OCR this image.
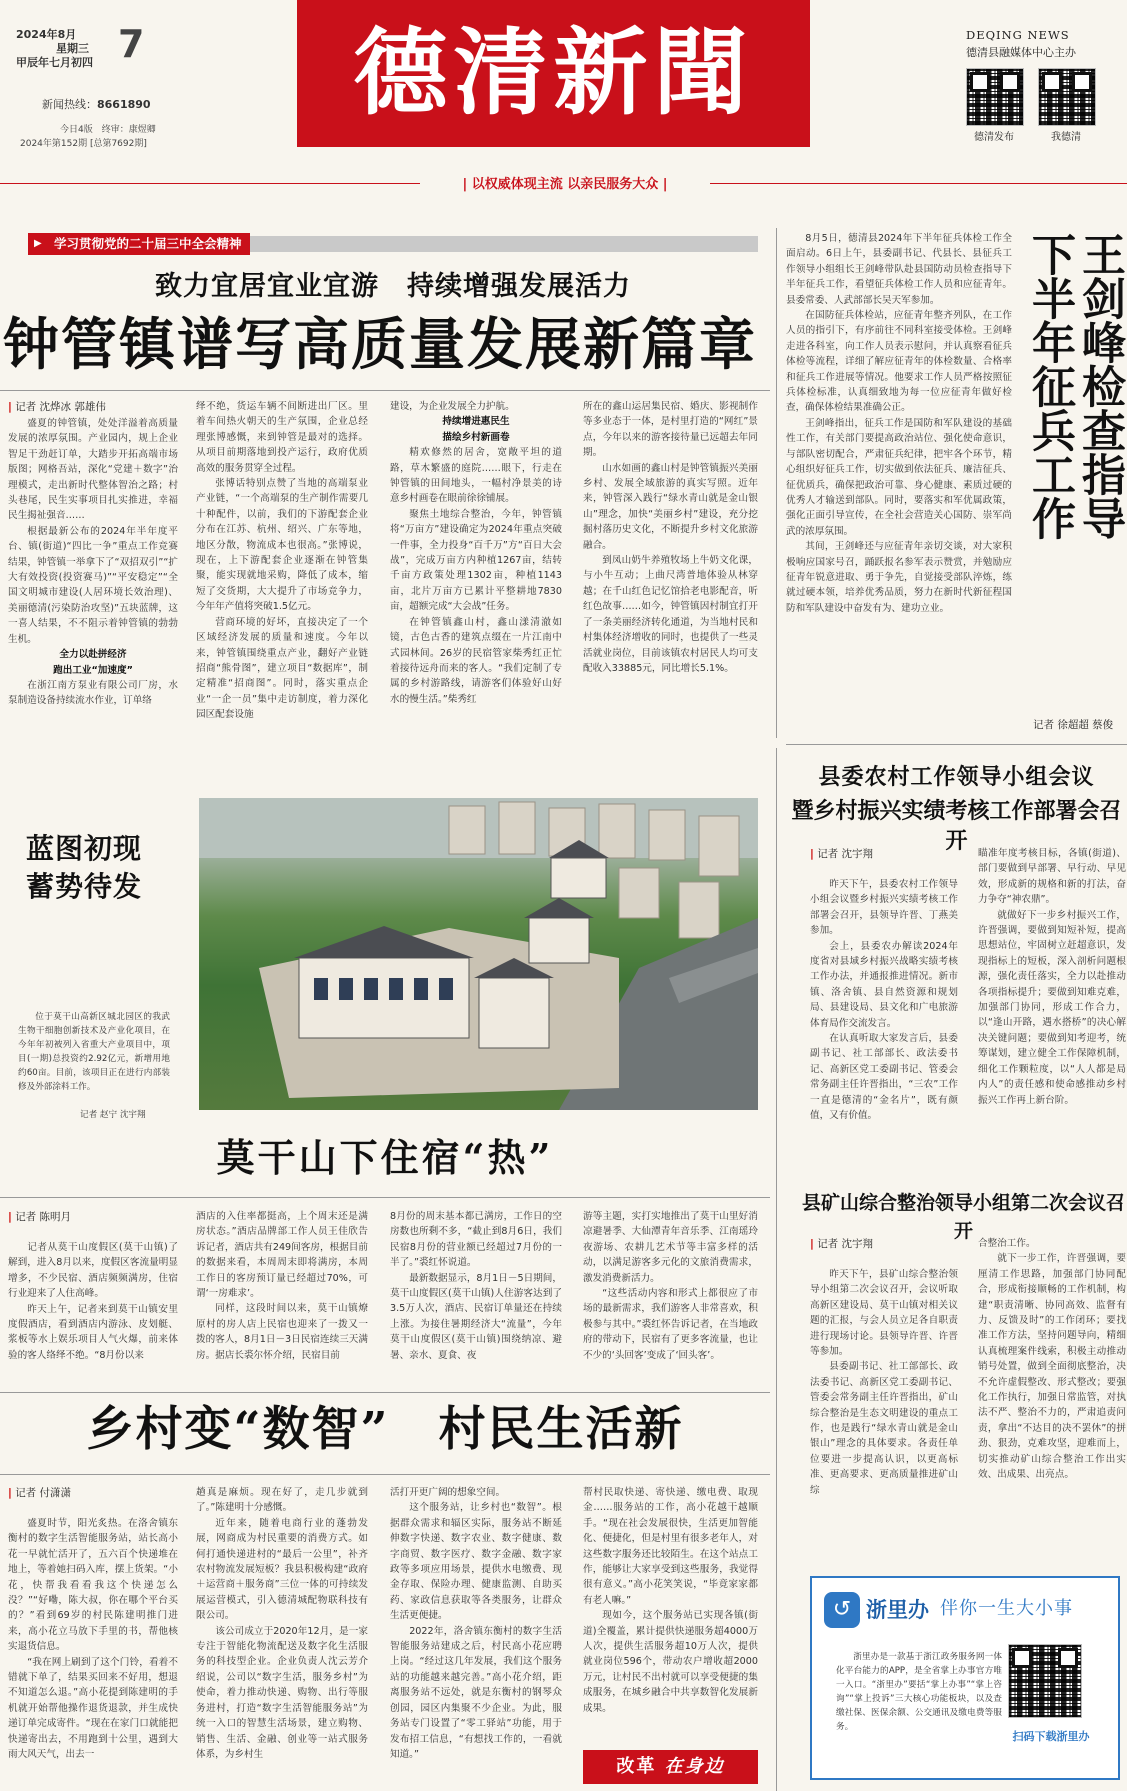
2024年8月
星期三
甲辰年七月初四 7
新闻热线：8661890
今日4版　终审：康煜卿
2024年第152期 [总第7692期]
德清新聞	DEQING NEWS
德清县融媒体中心主办
德清发布	我德清
| 以权威体现主流 以亲民服务大众 |
▶ 学习贯彻党的二十届三中全会精神
致力宜居宜业宜游　持续增强发展活力
钟管镇谱写高质量发展新篇章
| 记者 沈烨冰 郭雄伟

盛夏的钟管镇，处处洋溢着高质量发展的浓厚氛围。产业园内，规上企业智足干劲赶订单，大踏步开拓高端市场版图；网格吾站，深化“党建＋数字”治理模式，走出新时代整体智治之路；村头巷尾，民生实事项目扎实推进，幸福民生揭祉强音……

根据最新公布的2024年半年度平台、镇(街道)“四比一争”重点工作竞赛结果，钟管镇一举拿下了“双招双引”“扩大有效投资(投资赛马)”“平安稳定”“全国文明城市建设(人居环境长效治理)、美丽德清(污染防治攻坚)”五块蓝牌，这一喜人结果，不不阻示着钟管镇的勃勃生机。

全力以赴拼经济

跑出工业“加速度”

在浙江南方泵业有限公司厂房，水泵制造设备持续流水作业，订单络

绎不绝，货运车辆不间断进出厂区。里着车间热火朝天的生产氛围，企业总经理张博感慨，来到钟管是最对的选择。从项目前期落地到投产运行，政府优质高效的服务贯穿全过程。

张博话特别点赞了当地的高端泵业产业链，“一个高端泵的生产制作需要几十种配件，以前，我们的下游配套企业分布在江苏、杭州、绍兴、广东等地，地区分散，物流成本也很高。”张博说，现在，上下游配套企业逐渐在钟管集聚，能实现就地采购，降低了成本，缩短了交货期，大大提升了市场竞争力，今年年产值将突破1.5亿元。

营商环境的好坏，直接决定了一个区域经济发展的质量和速度。今年以来，钟管镇围绕重点产业，翻好产业链招商“熊骨图”，建立项目“数据库”，制定精准“招商图”。同时，落实重点企业“一企一员”集中走访制度，着力深化园区配套设施

建设，为企业发展全力护航。

持续增进惠民生

描绘乡村新画卷

精欢修然的居舍，宽敞平坦的道路，草木繁盛的庭院……眼下，行走在钟管镇的田间地头，一幅村净景美的诗意乡村画卷在眼前徐徐铺展。

聚焦土地综合整治，今年，钟管镇将“万亩方”建设确定为2024年重点突破一件事，全力投身“百千万”方“百日大会战”，完成万亩方内种植1267亩，结转千亩方政策处理1302亩，种植1143亩，北片万亩方已累计平整耕地7830亩，超额完成“大会战”任务。

在钟管镇鑫山村，鑫山漾清澈如镜，古色古香的建筑点缀在一片江南中式园林间。26岁的民宿管家柴秀红正忙着接待远舟而来的客人。“我们定制了专属的乡村游路线，请游客们体验好山好水的慢生活。”柴秀红

所在的鑫山运居集民宿、婚庆、影视制作等多业态于一体，是村里打造的“网红”景点，今年以来的游客接待量已远超去年同期。

山水如画的鑫山村是钟管镇振兴美丽乡村、发展全域旅游的真实写照。近年来，钟管深入践行“绿水青山就是金山银山”理念，加快“美丽乡村”建设，充分挖掘村落历史文化，不断提升乡村文化旅游融合。

到凤山奶牛养殖牧场上牛奶文化课，与小牛互动；上曲尺湾普地体验从林穿越；在千山红色记忆馆拾老电影配音，听红色故事……如今，钟管镇因村制宜打开了一条美丽经济转化通道，为当地村民和村集体经济增收的同时，也提供了一些灵活就业岗位，目前该镇农村居民人均可支配收入33885元，同比增长5.1%。

蓝图初现
蓄势待发
位于莫干山高新区城北园区的我武生物干细胞创新技术及产业化项目，在今年年初被列入省重大产业项目中，项目(一期)总投资约2.92亿元，新增用地约60亩。目前，该项目正在进行内部装修及外部涂料工作。
记者 赵宁 沈宇翔

8月5日，德清县2024年下半年征兵体检工作全面启动。6日上午，县委副书记、代县长、县征兵工作领导小组组长王剑峰带队赴县国防动员检查指导下半年征兵工作，看望征兵体检工作人员和应征青年。县委常委、人武部部长吴天军参加。

在国防征兵体检站，应征青年整齐列队，在工作人员的指引下，有序前往不同科室接受体检。王剑峰走进各科室，向工作人员表示慰问，并认真察看征兵体检等流程，详细了解应征青年的体检数量、合格率和征兵工作进展等情况。他要求工作人员严格按照征兵体检标准，认真细致地为每一位应征青年做好检查，确保体检结果准确公正。

王剑峰指出，征兵工作是国防和军队建设的基础性工作，有关部门要提高政治站位、强化使命意识，与部队密切配合，严肃征兵纪律，把牢各个环节，精心组织好征兵工作，切实做到依法征兵、廉洁征兵、征优质兵，确保把政治可靠、身心健康、素质过硬的优秀人才输送到部队。同时，要落实和军优属政策，强化正面引导宣传，在全社会营造关心国防、崇军尚武的浓厚氛围。

其间，王剑峰还与应征青年亲切交谈，对大家积极响应国家号召，踊跃报名参军表示赞赏，并勉励应征青年锐意进取、勇于争先，自觉接受部队淬炼，练就过硬本领，培养优秀品质，努力在新时代新征程国防和军队建设中奋发有为、建功立业。

王剑峰检查指导下半年征兵工作
记者 徐超超 蔡俊
县委农村工作领导小组会议
暨乡村振兴实绩考核工作部署会召开
| 记者 沈宇翔

昨天下午，县委农村工作领导小组会议暨乡村振兴实绩考核工作部署会召开，县领导许晋、丁燕美参加。

会上，县委农办解读2024年度省对县域乡村振兴战略实绩考核工作办法，并通报推进情况。新市镇、洛舍镇、县自然资源和规划局、县建设局、县文化和广电旅游体育局作交流发言。

在认真听取大家发言后，县委副书记、社工部部长、政法委书记、高新区党工委副书记、管委会常务副主任许晋指出，“三农”工作一直是德清的“金名片”，既有颜值，又有价值。

瞄准年度考核目标，各镇(街道)、部门要做到早部署、早行动、早见效，形成新的规格和新的打法，奋力争夺“神农鼎”。

就做好下一步乡村振兴工作，许晋强调，要做到知短补短，提高思想站位，牢固树立赶超意识，发现指标上的短板，深入剖析问题根源，强化责任落实，全力以赴推动各项指标提升；要做到知难克难，加强部门协同，形成工作合力，以“逢山开路，遇水搭桥”的决心解决关键问题；要做到知考迎考，统筹谋划，建立健全工作保障机制，细化工作颗粒度，以“人人都是局内人”的责任感和使命感推动乡村振兴工作再上新台阶。

县矿山综合整治领导小组第二次会议召开
| 记者 沈宇翔

昨天下午，县矿山综合整治领导小组第二次会议召开，会议听取高新区建设局、莫干山镇对相关议题的汇报，与会人员立足各自职责进行现场讨论。县领导许晋、许晋等参加。

县委副书记、社工部部长、政法委书记、高新区党工委副书记、管委会常务副主任许晋指出，矿山综合整治是生态文明建设的重点工作，也是践行“绿水青山就是金山银山”理念的具体要求。各责任单位要进一步提高认识，以更高标准、更高要求、更高质量推进矿山综

合整治工作。

就下一步工作，许晋强调，要厘清工作思路，加强部门协同配合，形成衔接顺畅的工作机制，构建“职责清晰、协同高效、监督有力、反馈及时”的工作闭环；要找准工作方法，坚持问题导向，精细认真梳理案件线索，积极主动推动销号处置，做到全面彻底整治，决不允许虚假整改、形式整改；要强化工作执行，加强日常监管，对执法不严、整治不力的，严肃追责问责，拿出“不达目的决不罢休”的拼劲、狠劲，克难攻坚，迎难而上，切实推动矿山综合整治工作出实效、出成果、出亮点。

↺ 浙里办 伴你一生大小事
浙里办是一款基于浙江政务服务网一体化平台能力的APP，是全省掌上办事官方唯一入口。“浙里办”要括“掌上办事”“掌上咨询”“掌上投诉”三大核心功能板块，以及查缴社保、医保余额、公交通讯及缴电费等服务。
扫码下载浙里办
莫干山下住宿“热”
| 记者 陈明月

记者从莫干山度假区(莫干山镇)了解到，进入8月以来，度假区客流量明显增多，不少民宿、酒店频频满房，住宿行业迎来了人住高峰。

昨天上午，记者来到莫干山镇安里度假酒店，看到酒店内游泳、皮划艇、浆板等水上娱乐项目人气火爆，前来体验的客人络绎不绝。“8月份以来

酒店的入住率都挺高，上个周末还是满房状态。”酒店品牌部工作人员王佳欣告诉记者，酒店共有249间客房，根据目前的数据来看，本周周末即将满房，本周工作日的客房预订量已经超过70%，可谓‘一房难求’。

同样，这段时间以来，莫干山镇燎原村的房人店上民宿也迎来了一拨又一拨的客人，8月1日－3日民宿连续三天满房。据店长裘尔怀介绍，民宿目前

8月份的周末基本都已满房，工作日的空房数也所剩不多，“截止到8月6日，我们民宿8月份的营业额已经超过7月份的一半了。”裘红怀说道。

最新数据显示，8月1日－5日期间，莫干山度假区(莫干山镇)人住游客达到了3.5万人次，酒店、民宿订单量还在持续上涨。为接住暑期经济大“流量”，今年莫干山度假区(莫干山镇)围绕纳凉、避暑、亲水、夏食、夜

游等主题，实打实地推出了莫干山里好消凉避暑季、大仙潭青年音乐季、江南瑶玲夜游场、农耕儿艺术节等丰富多样的活动，以满足游客多元化的文旅消费需求，激发消费新活力。

“这些活动内容和形式上都很应了市场的最新需求，我们游客人非常喜欢，积极参与其中。”裘红怀告诉记者，在当地政府的带动下，民宿有了更多客流量，也让不少的‘头回客’变成了‘回头客’。

乡村变“数智”　村民生活新
| 记者 付潇潇

盛夏时节，阳光炙热。在洛舍镇东衡村的数字生活智能服务站，站长高小花一早就忙活开了，五六百个快递堆在地上，等着她扫码入库，摆上货架。“小花，快帮我看看我这个快递怎么没？”“好嘞，陈大叔，你在哪个平台买的？”看到69岁的村民陈建明推门进来，高小花立马放下手里的书，帮他核实退货信息。

“我在网上刷到了这个门铃，看着不错就下单了，结果买回来不好用，想退不知道怎么退。”高小花提到陈建明的手机就开始帮他操作退货退款，并生成快递订单完成寄件。“现在在家门口就能把快递寄出去，不用跑到十公里，遇到大雨大风天气，出去一

趟真是麻烦。现在好了，走几步就到了。”陈建明十分感慨。

近年来，随着电商行业的蓬勃发展，网商成为村民重要的消费方式。如何打通快递进村的“最后一公里”，补齐农村物流发展短板？我县积极构建“政府＋运营商＋服务商”三位一体的可持续发展运营模式，引入德清城配物联科技有限公司。

该公司成立于2020年12月，是一家专注于智能化物流配送及数字化生活服务的科技型企业。企业负责人沈云芳介绍说，公司以“数字生活，服务乡村”为使命，着力推动快递、购物、出行等服务进村，打造“数字生活智能服务站”为统一入口的智慧生活场景，建立购物、销售、生活、金融、创业等一站式服务体系，为乡村生

活打开更广阔的想象空间。

这个服务站，让乡村也“数智”。根据群众需求和辐区实际，服务站不断延伸数字快递、数字农业、数字健康、数字商贸、数字医疗、数字金融、数字家政等多项应用场景，提供水电缴费、现金存取、保险办理、健康监测、自助买药、家政信息获取等各类服务，让群众生活更便捷。

2022年，洛舍镇东衡村的数字生活智能服务站建成之后，村民高小花应聘上岗。“经过这几年发展，我们这个服务站的功能越来越完善。”高小花介绍，距离服务站不远处，就是东衡村的钢琴众创园，园区内集聚不少企业。为此，服务站专门设置了“零工驿站”功能，用于发布招工信息，“有想找工作的，一看就知道。”

帮村民取快递、寄快递、缴电费、取现金……服务站的工作，高小花越干越顺手。“现在社会发展很快，生活更加智能化、便捷化，但是村里有很多老年人，对这些数字服务还比较陌生。在这个站点工作，能够让大家享受到这些服务，我觉得很有意义。”高小花笑笑说，“毕竟家家都有老人嘛。”

现如今，这个服务站已实现各镇(街道)全覆盖，累计提供快递服务超4000万人次，提供生活服务超10万人次，提供就业岗位596个，带动农户增收超2000万元，让村民不出村就可以享受便捷的集成服务，在城乡融合中共享数智化发展新成果。

改革 在身边
